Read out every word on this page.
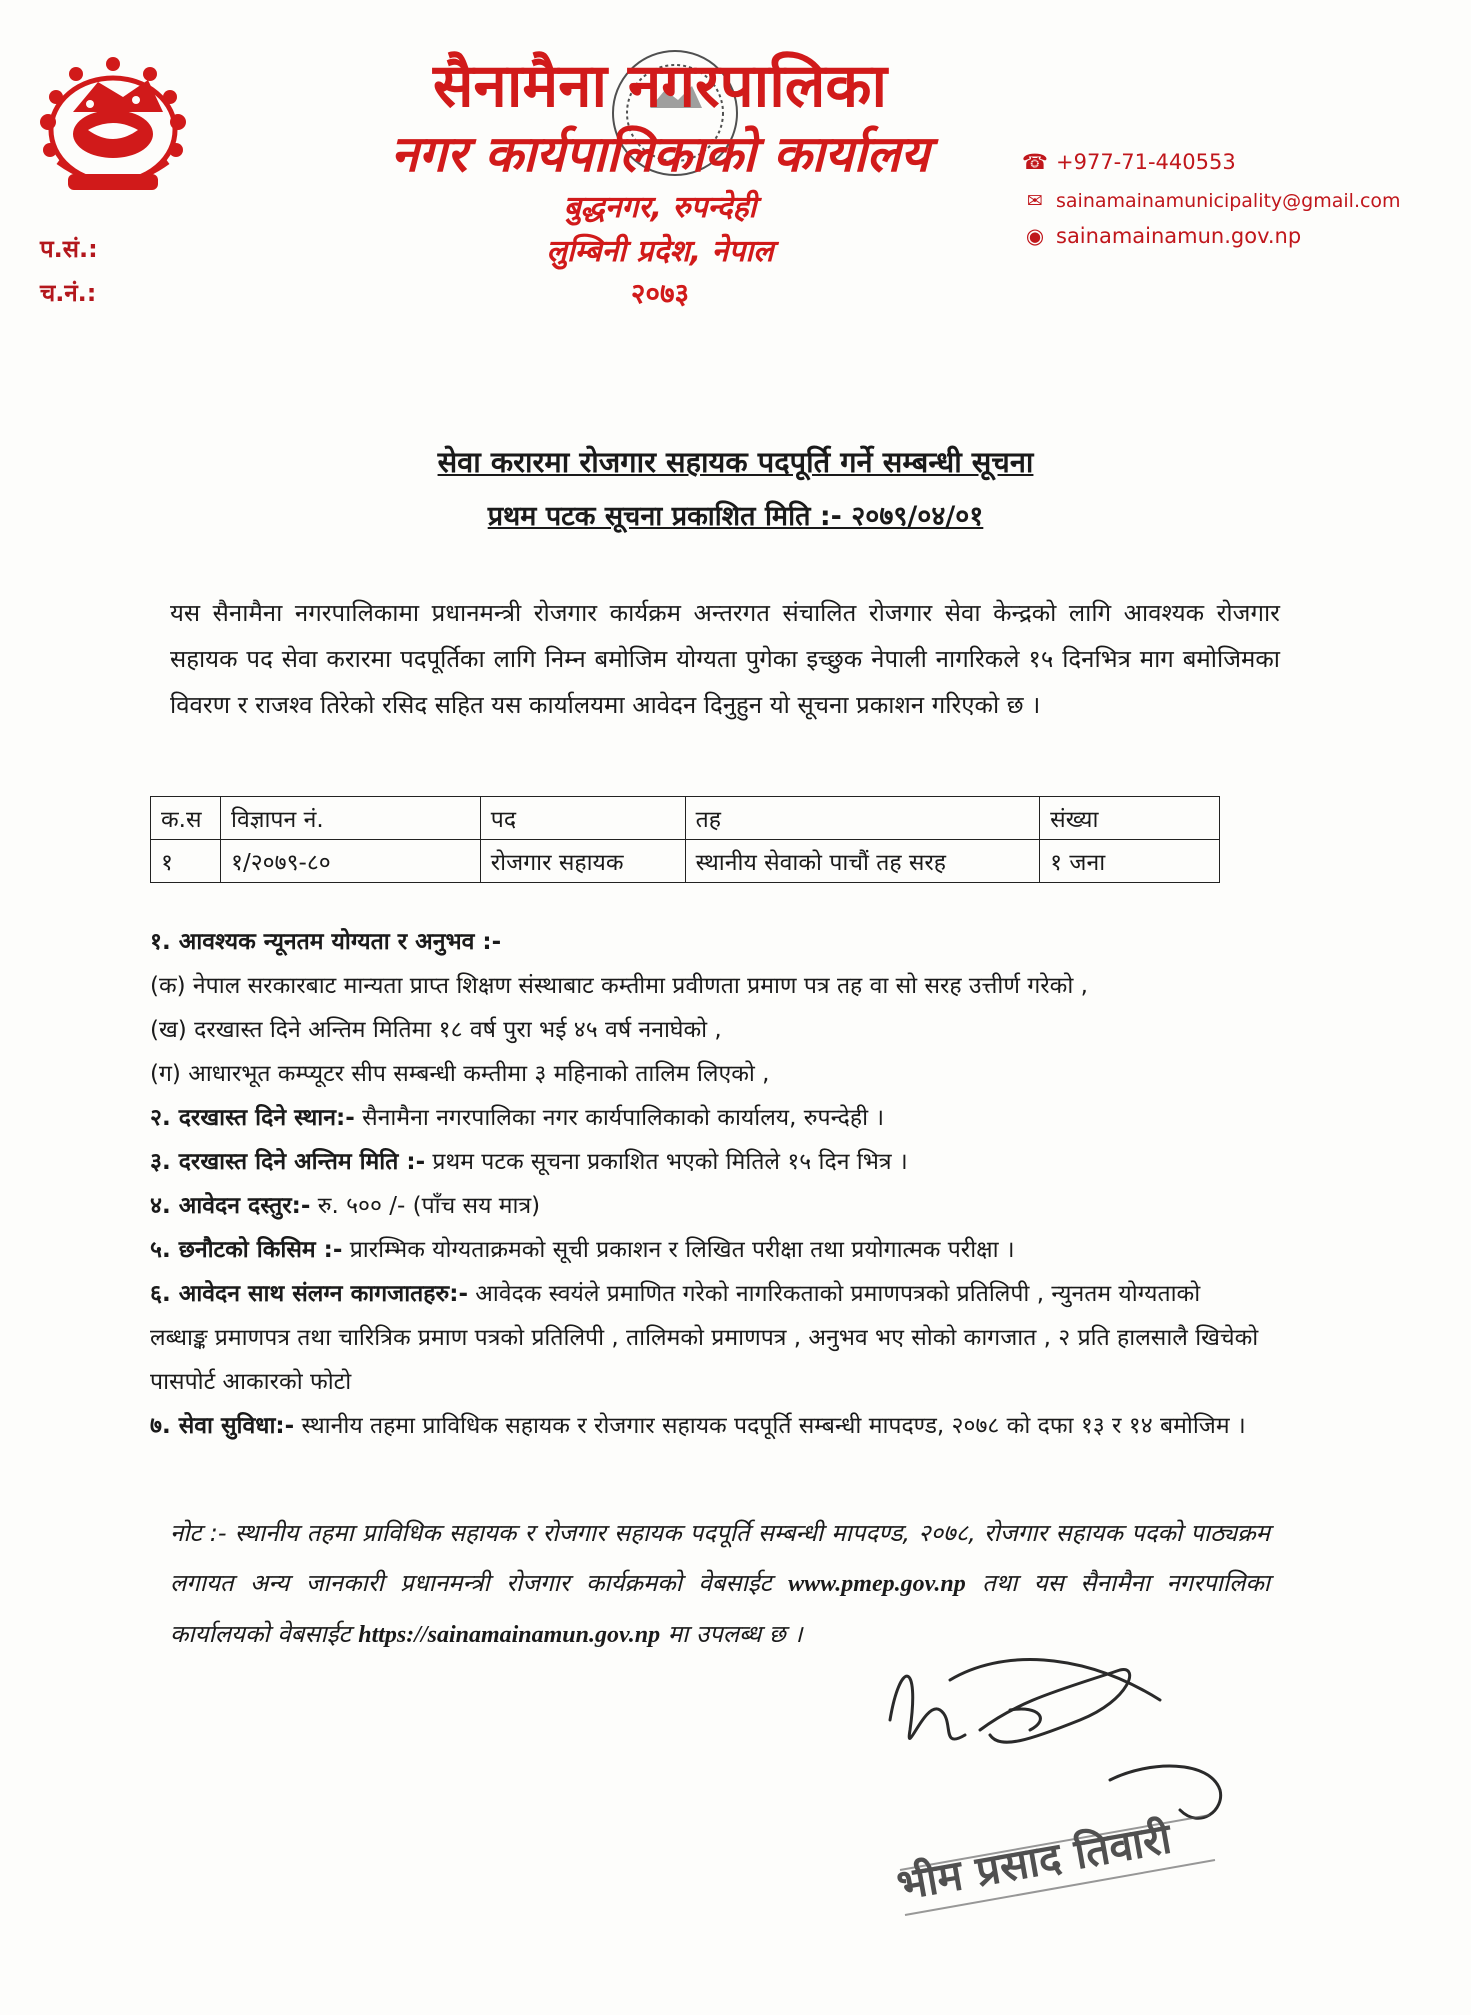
सैनामैना नगरपालिका
नगर कार्यपालिकाको कार्यालय
बुद्धनगर, रुपन्देही
लुम्बिनी प्रदेश, नेपाल
२०७३
प.सं.:
च.नं.:
☎ +977-71-440553
✉ sainamainamunicipality@gmail.com
◉ sainamainamun.gov.np
सेवा करारमा रोजगार सहायक पदपूर्ति गर्ने सम्बन्धी सूचना
प्रथम पटक सूचना प्रकाशित मिति :- २०७९/०४/०१
यस सैनामैना नगरपालिकामा प्रधानमन्त्री रोजगार कार्यक्रम अन्तरगत संचालित रोजगार सेवा केन्द्रको लागि आवश्यक रोजगार सहायक पद सेवा करारमा पदपूर्तिका लागि निम्न बमोजिम योग्यता पुगेका इच्छुक नेपाली नागरिकले १५ दिनभित्र माग बमोजिमका विवरण र राजश्व तिरेको रसिद सहित यस कार्यालयमा आवेदन दिनुहुन यो सूचना प्रकाशन गरिएको छ ।
क.स	विज्ञापन नं.	पद	तह	संख्या
१	१/२०७९-८०	रोजगार सहायक	स्थानीय सेवाको पाचौं तह सरह	१ जना

१. आवश्यक न्यूनतम योग्यता र अनुभव :-

(क) नेपाल सरकारबाट मान्यता प्राप्त शिक्षण संस्थाबाट कम्तीमा प्रवीणता प्रमाण पत्र तह वा सो सरह उत्तीर्ण गरेको ,

(ख) दरखास्त दिने अन्तिम मितिमा १८ वर्ष पुरा भई ४५ वर्ष ननाघेको ,

(ग) आधारभूत कम्प्यूटर सीप सम्बन्धी कम्तीमा ३ महिनाको तालिम लिएको ,

२. दरखास्त दिने स्थान:- सैनामैना नगरपालिका नगर कार्यपालिकाको कार्यालय, रुपन्देही ।

३. दरखास्त दिने अन्तिम मिति :- प्रथम पटक सूचना प्रकाशित भएको मितिले १५ दिन भित्र ।

४. आवेदन दस्तुर:- रु. ५०० /- (पाँच सय मात्र)

५. छनौटको किसिम :- प्रारम्भिक योग्यताक्रमको सूची प्रकाशन र लिखित परीक्षा तथा प्रयोगात्मक परीक्षा ।

६. आवेदन साथ संलग्न कागजातहरु:- आवेदक स्वयंले प्रमाणित गरेको नागरिकताको प्रमाणपत्रको प्रतिलिपी , न्युनतम योग्यताको लब्धाङ्क प्रमाणपत्र तथा चारित्रिक प्रमाण पत्रको प्रतिलिपी , तालिमको प्रमाणपत्र , अनुभव भए सोको कागजात , २ प्रति हालसालै खिचेको पासपोर्ट आकारको फोटो

७. सेवा सुविधा:- स्थानीय तहमा प्राविधिक सहायक र रोजगार सहायक पदपूर्ति सम्बन्धी मापदण्ड, २०७८ को दफा १३ र १४ बमोजिम ।

नोट :- स्थानीय तहमा प्राविधिक सहायक र रोजगार सहायक पदपूर्ति सम्बन्धी मापदण्ड, २०७८, रोजगार सहायक पदको पाठ्यक्रम लगायत अन्य जानकारी प्रधानमन्त्री रोजगार कार्यक्रमको वेबसाईट www.pmep.gov.np तथा यस सैनामैना नगरपालिका कार्यालयको वेबसाईट https://sainamainamun.gov.np मा उपलब्ध छ ।
भीम प्रसाद तिवारी
